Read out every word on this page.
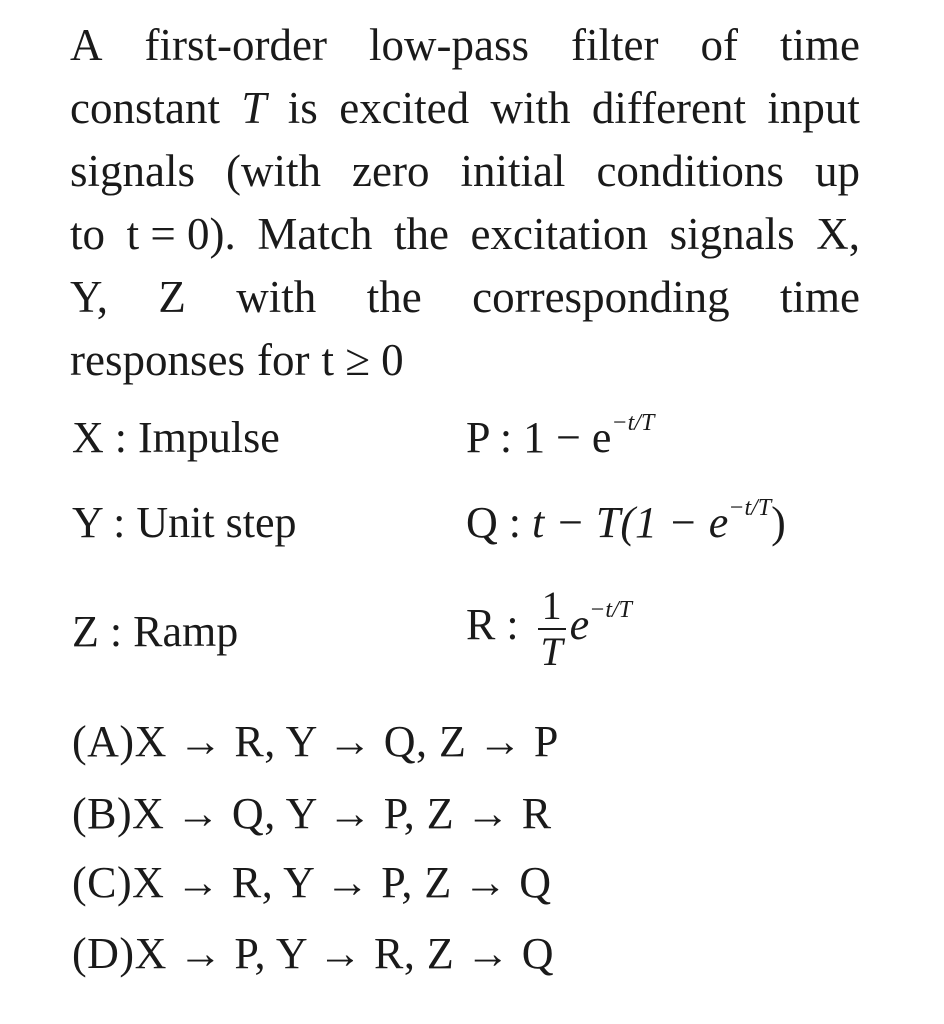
A first-order low-pass filter of time
constant T is excited with different input
signals (with zero initial conditions up
to t = 0). Match the excitation signals X,
Y, Z with the corresponding time
responses for t ≥ 0
X : Impulse
Y : Unit step
Z : Ramp
P : $1 - e^{-t/T}$
Q : $t - T(1 - e^{-t/T})$
R : $\frac{1}{T} e^{-t/T}$
(A)X → R, Y → Q, Z → P
(B)X → Q, Y → P, Z → R
(C)X → R, Y → P, Z → Q
(D)X → P, Y → R, Z → Q
